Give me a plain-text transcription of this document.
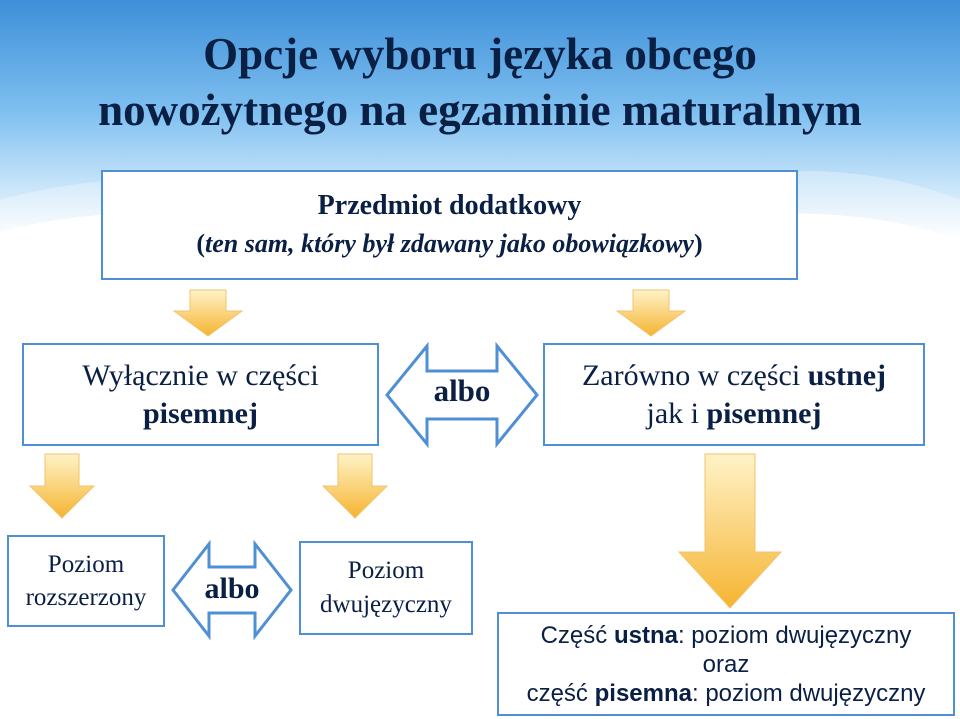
Opcje wyboru języka obcego
nowożytnego na egzaminie maturalnym
Przedmiot dodatkowy
(ten sam, który był zdawany jako obowiązkowy)
Wyłącznie w części
pisemnej
albo	Zarówno w części ustnej
jak i pisemnej
Poziom
rozszerzony	albo
Poziom
dwujęzyczny
Część ustna: poziom dwujęzyczny
oraz
część pisemna: poziom dwujęzyczny
